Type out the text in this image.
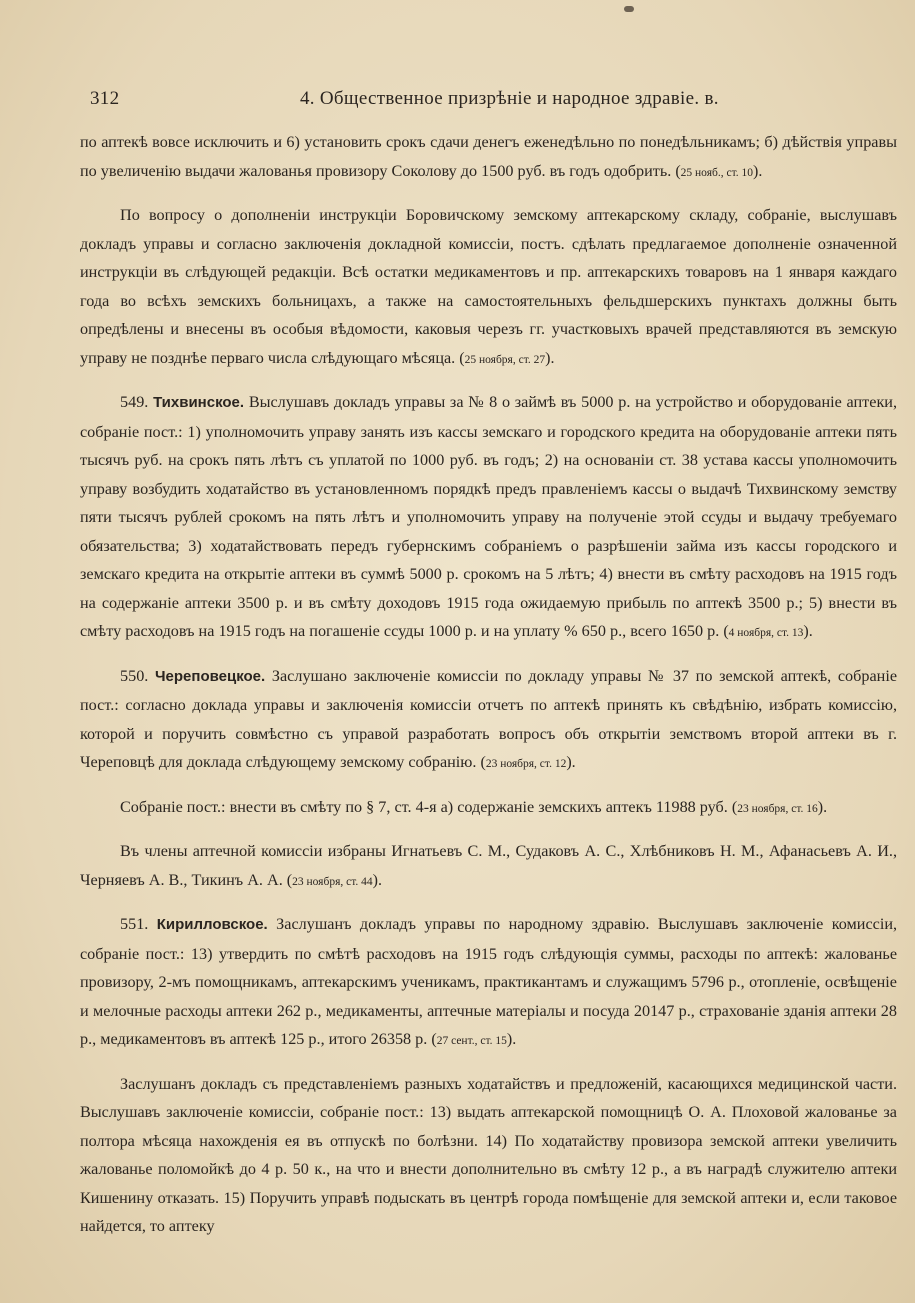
312	4. Общественное призрѣніе и народное здравіе. в.

по аптекѣ вовсе исключить и 6) установить срокъ сдачи денегъ еженедѣльно по понедѣльникамъ; б) дѣйствія управы по увеличенію выдачи жалованья провизору Соколову до 1500 руб. въ годъ одобрить. (25 нояб., ст. 10).

По вопросу о дополненіи инструкціи Боровичскому земскому аптекарскому складу, собраніе, выслушавъ докладъ управы и согласно заключенія докладной комиссіи, постъ. сдѣлать предлагаемое дополненіе означенной инструкціи въ слѣдующей редакціи. Всѣ остатки медикаментовъ и пр. аптекарскихъ товаровъ на 1 января каждаго года во всѣхъ земскихъ больницахъ, а также на самостоятельныхъ фельдшерскихъ пунктахъ должны быть опредѣлены и внесены въ особыя вѣдомости, каковыя черезъ гг. участковыхъ врачей представляются въ земскую управу не позднѣе перваго числа слѣдующаго мѣсяца. (25 ноября, ст. 27).

549. Тихвинское. Выслушавъ докладъ управы за № 8 о займѣ въ 5000 р. на устройство и оборудованіе аптеки, собраніе пост.: 1) уполномочить управу занять изъ кассы земскаго и городского кредита на оборудованіе аптеки пять тысячъ руб. на срокъ пять лѣтъ съ уплатой по 1000 руб. въ годъ; 2) на основаніи ст. 38 устава кассы уполномочить управу возбудить ходатайство въ установленномъ порядкѣ предъ правленіемъ кассы о выдачѣ Тихвинскому земству пяти тысячъ рублей срокомъ на пять лѣтъ и уполномочить управу на полученіе этой ссуды и выдачу требуемаго обязательства; 3) ходатайствовать передъ губернскимъ собраніемъ о разрѣшеніи займа изъ кассы городского и земскаго кредита на открытіе аптеки въ суммѣ 5000 р. срокомъ на 5 лѣтъ; 4) внести въ смѣту расходовъ на 1915 годъ на содержаніе аптеки 3500 р. и въ смѣту доходовъ 1915 года ожидаемую прибыль по аптекѣ 3500 р.; 5) внести въ смѣту расходовъ на 1915 годъ на погашеніе ссуды 1000 р. и на уплату % 650 р., всего 1650 р. (4 ноября, ст. 13).

550. Череповецкое. Заслушано заключеніе комиссіи по докладу управы № 37 по земской аптекѣ, собраніе пост.: согласно доклада управы и заключенія комиссіи отчетъ по аптекѣ принять къ свѣдѣнію, избрать комиссію, которой и поручить совмѣстно съ управой разработать вопросъ объ открытіи земствомъ второй аптеки въ г. Череповцѣ для доклада слѣдующему земскому собранію. (23 ноября, ст. 12).

Собраніе пост.: внести въ смѣту по § 7, ст. 4-я а) содержаніе земскихъ аптекъ 11988 руб. (23 ноября, ст. 16).

Въ члены аптечной комиссіи избраны Игнатьевъ С. М., Судаковъ А. С., Хлѣбниковъ Н. М., Афанасьевъ А. И., Черняевъ А. В., Тикинъ А. А. (23 ноября, ст. 44).

551. Кирилловское. Заслушанъ докладъ управы по народному здравію. Выслушавъ заключеніе комиссіи, собраніе пост.: 13) утвердить по смѣтѣ расходовъ на 1915 годъ слѣдующія суммы, расходы по аптекѣ: жалованье провизору, 2-мъ помощникамъ, аптекарскимъ ученикамъ, практикантамъ и служащимъ 5796 р., отопленіе, освѣщеніе и мелочные расходы аптеки 262 р., медикаменты, аптечные матеріалы и посуда 20147 р., страхованіе зданія аптеки 28 р., медикаментовъ въ аптекѣ 125 р., итого 26358 р. (27 сент., ст. 15).

Заслушанъ докладъ съ представленіемъ разныхъ ходатайствъ и предложеній, касающихся медицинской части. Выслушавъ заключеніе комиссіи, собраніе пост.: 13) выдать аптекарской помощницѣ О. А. Плоховой жалованье за полтора мѣсяца нахожденія ея въ отпускѣ по болѣзни. 14) По ходатайству провизора земской аптеки увеличить жалованье поломойкѣ до 4 р. 50 к., на что и внести дополнительно въ смѣту 12 р., а въ наградѣ служителю аптеки Кишенину отказать. 15) Поручить управѣ подыскать въ центрѣ города помѣщеніе для земской аптеки и, если таковое найдется, то аптеку
